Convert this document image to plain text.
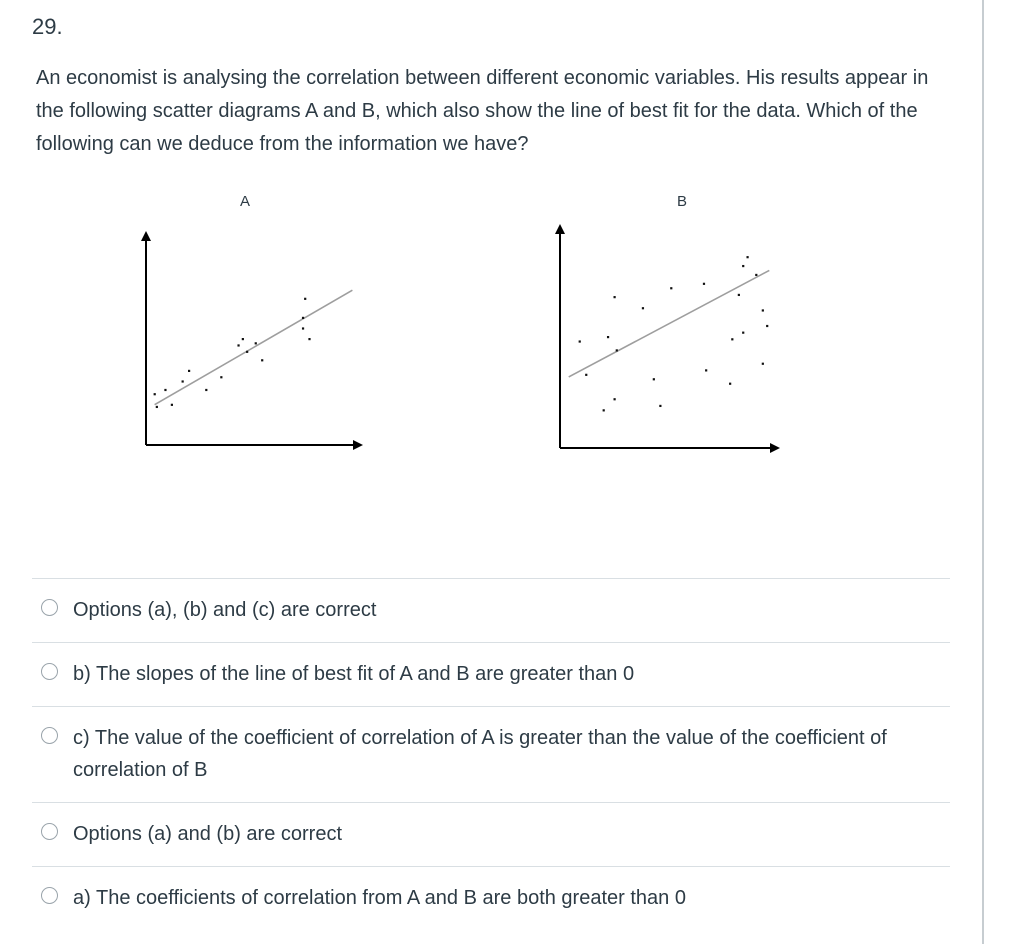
29.
An economist is analysing the correlation between different economic variables. His results appear in the following scatter diagrams A and B, which also show the line of best fit for the data. Which of the following can we deduce from the information we have?
A	B
Options (a), (b) and (c) are correct
b) The slopes of the line of best fit of A and B are greater than 0
c) The value of the coefficient of correlation of A is greater than the value of the coefficient of correlation of B
Options (a) and (b) are correct
a) The coefficients of correlation from A and B are both greater than 0
